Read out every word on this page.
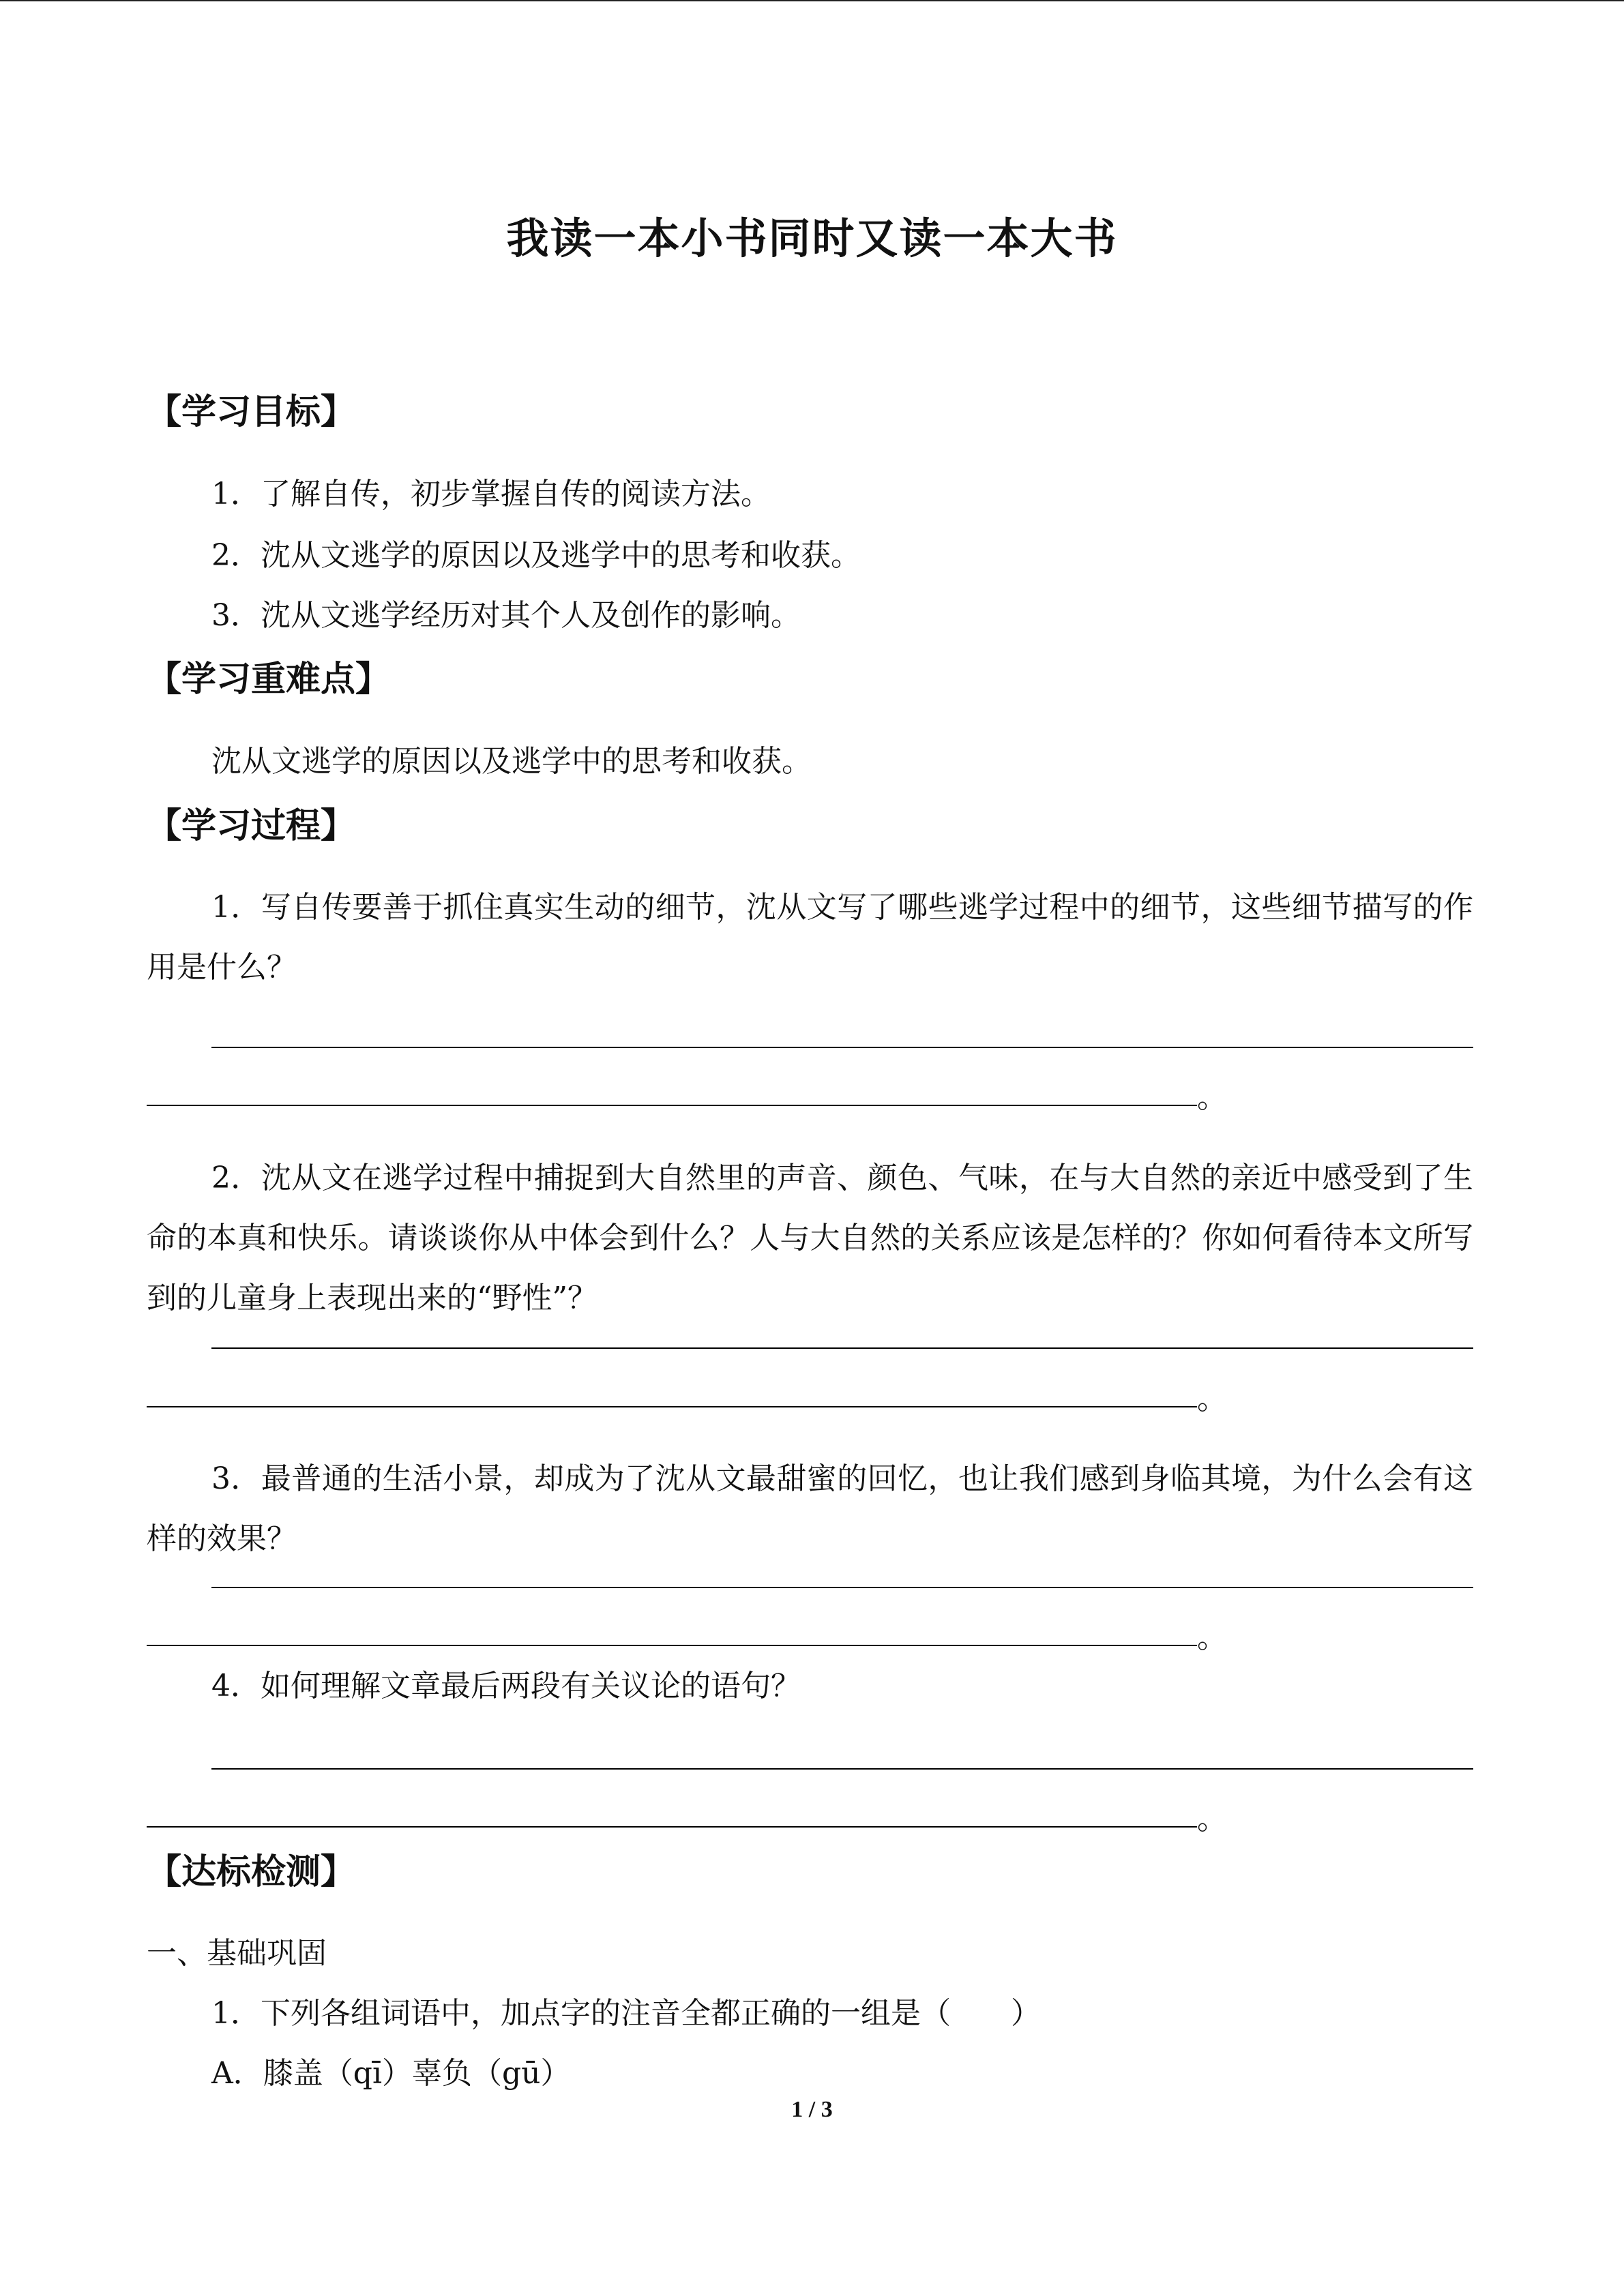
我读一本小书同时又读一本大书
【学习目标】
1．了解自传，初步掌握自传的阅读方法。
2．沈从文逃学的原因以及逃学中的思考和收获。
3．沈从文逃学经历对其个人及创作的影响。
【学习重难点】
沈从文逃学的原因以及逃学中的思考和收获。
【学习过程】
1．写自传要善于抓住真实生动的细节，沈从文写了哪些逃学过程中的细节，这些细节描写的作用是什么？
。
2．沈从文在逃学过程中捕捉到大自然里的声音、颜色、气味，在与大自然的亲近中感受到了生命的本真和快乐。请谈谈你从中体会到什么？人与大自然的关系应该是怎样的？你如何看待本文所写到的儿童身上表现出来的“野性”？
。
3．最普通的生活小景，却成为了沈从文最甜蜜的回忆，也让我们感到身临其境，为什么会有这样的效果？
。
4．如何理解文章最后两段有关议论的语句？
。
【达标检测】
一、基础巩固
1．下列各组词语中，加点字的注音全都正确的一组是（　　）
A．膝盖（qī）辜负（gū）
1 / 3
